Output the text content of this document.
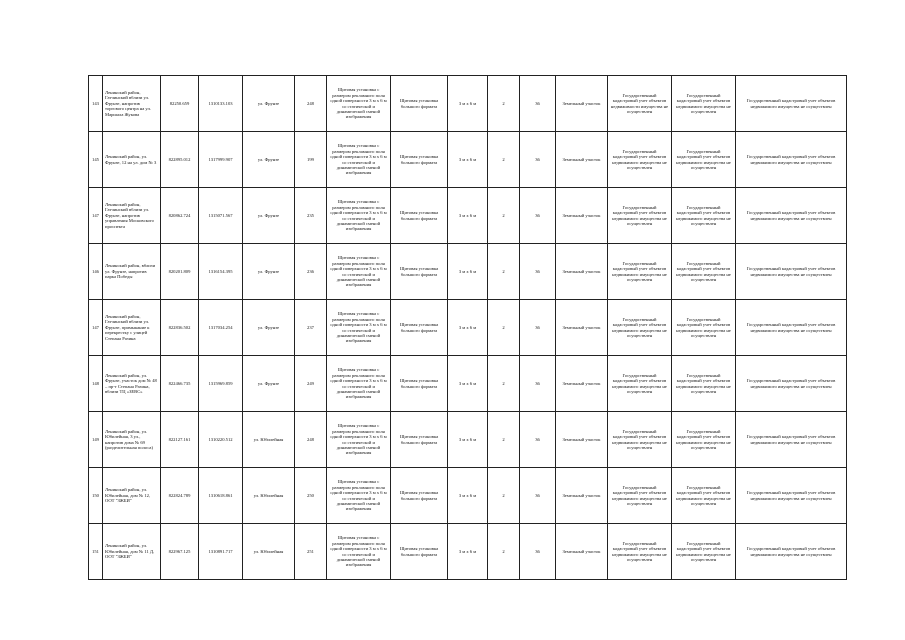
143	Ленинский район, Гатчинский вблизи ул. Фрунзе, напротив торгового центра на ул. Маршала Жукова	82250.659	1310133.103	ул. Фрунзе	248	Щитовая установка с размером рекламного поля одной поверхности 3 м х 6 м со статической и динамической сменой изображения	Щитовая установка большого формата	3 м х 6 м	2	36	Земельный участок	Государственный кадастровый учет объектов недвижимости имущества не осуществлен	Государственный кадастровый учет объектов недвижимого имущества не осуществлен	Государственный кадастровый учет объектов недвижимого имущества не осуществлен
145	Ленинский район, ул. Фрунзе, 12 на ул. дом № 3	822895.012	1317999.907	ул. Фрунзе	199	Щитовая установка с размером рекламного поля одной поверхности 3 м х 6 м со статической и динамической сменой изображения	Щитовая установка большого формата	3 м х 6 м	2	36	Земельный участок	Государственный кадастровый учет объектов недвижимого имущества не осуществлен	Государственный кадастровый учет объектов недвижимого имущества не осуществлен	Государственный кадастровый учет объектов недвижимого имущества не осуществлен
147	Ленинский район, Гатчинский вблизи ул. Фрунзе, напротив управления Московского проспекта	820862.724	1315071.567	ул. Фрунзе	235	Щитовая установка с размером рекламного поля одной поверхности 3 м х 6 м со статической и динамической сменой изображения	Щитовая установка большого формата	3 м х 6 м	2	36	Земельный участок	Государственный кадастровый учет объектов недвижимого имущества не осуществлен	Государственный кадастровый учет объектов недвижимого имущества не осуществлен	Государственный кадастровый учет объектов недвижимого имущества не осуществлен
146	Ленинский район, вблизи ул. Фрунзе, напротив парка Победы	820201.809	1316154.395	ул. Фрунзе	236	Щитовая установка с размером рекламного поля одной поверхности 3 м х 6 м со статической и динамической сменой изображения	Щитовая установка большого формата	3 м х 6 м	2	36	Земельный участок	Государственный кадастровый учет объектов недвижимого имущества не осуществлен	Государственный кадастровый учет объектов недвижимого имущества не осуществлен	Государственный кадастровый учет объектов недвижимого имущества не осуществлен
147	Ленинский район, Гатчинский вблизи ул. Фрунзе, примыкание к перекрестку с улицей Степана Разина	822836.502	1317034.254	ул. Фрунзе	237	Щитовая установка с размером рекламного поля одной поверхности 3 м х 6 м со статической и динамической сменой изображения	Щитовая установка большого формата	3 м х 6 м	2	36	Земельный участок	Государственный кадастровый учет объектов недвижимого имущества не осуществлен	Государственный кадастровый учет объектов недвижимого имущества не осуществлен	Государственный кадастровый учет объектов недвижимого имущества не осуществлен
148	Ленинский район, ул. Фрунзе, участок дом № 48 – пр-т Степана Разина, вблизи ТЦ «ЗЕВС»	822466.735	1315969.859	ул. Фрунзе	249	Щитовая установка с размером рекламного поля одной поверхности 3 м х 6 м со статической и динамической сменой изображения	Щитовая установка большого формата	3 м х 6 м	2	36	Земельный участок	Государственный кадастровый учет объектов недвижимого имущества не осуществлен	Государственный кадастровый учет объектов недвижимого имущества не осуществлен	Государственный кадастровый учет объектов недвижимого имущества не осуществлен
149	Ленинский район, ул. Юбилейная, 3 ул., напротив дома № 69 (разделительная полоса)	822127.161	1310220.512	ул. Юбилейная	248	Щитовая установка с размером рекламного поля одной поверхности 3 м х 6 м со статической и динамической сменой изображения	Щитовая установка большого формата	3 м х 6 м	2	36	Земельный участок	Государственный кадастровый учет объектов недвижимого имущества не осуществлен	Государственный кадастровый учет объектов недвижимого имущества не осуществлен	Государственный кадастровый учет объектов недвижимого имущества не осуществлен
150	Ленинский район, ул. Юбилейная, дом № 12, ООТ "ЗЖБИ"	822824.789	1310618.861	ул. Юбилейная	250	Щитовая установка с размером рекламного поля одной поверхности 3 м х 6 м со статической и динамической сменой изображения	Щитовая установка большого формата	3 м х 6 м	2	36	Земельный участок	Государственный кадастровый учет объектов недвижимого имущества не осуществлен	Государственный кадастровый учет объектов недвижимого имущества не осуществлен	Государственный кадастровый учет объектов недвижимого имущества не осуществлен
151	Ленинский район, ул. Юбилейная, дом № 11 Д, ООТ "ЗЖБИ"	822967.125	1310891.717	ул. Юбилейная	251	Щитовая установка с размером рекламного поля одной поверхности 3 м х 6 м со статической и динамической сменой изображения	Щитовая установка большого формата	3 м х 6 м	2	36	Земельный участок	Государственный кадастровый учет объектов недвижимого имущества не осуществлен	Государственный кадастровый учет объектов недвижимого имущества не осуществлен	Государственный кадастровый учет объектов недвижимого имущества не осуществлен
